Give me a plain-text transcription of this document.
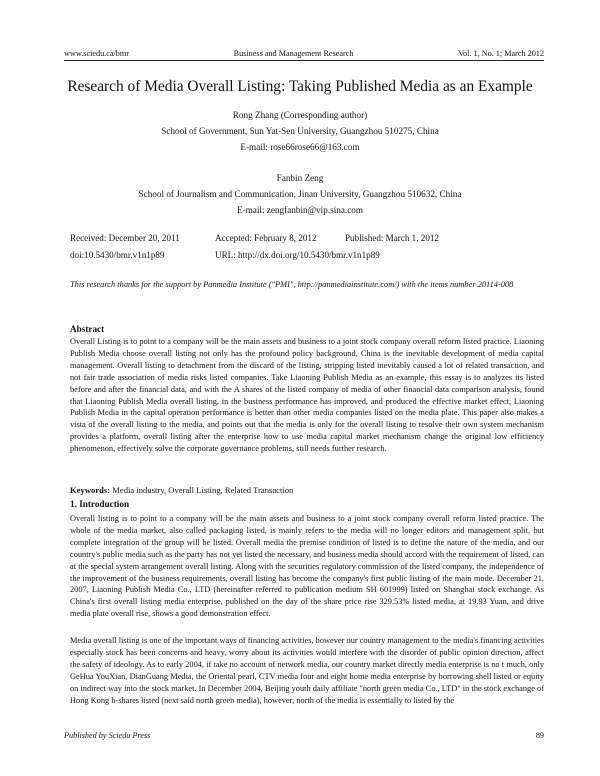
www.sciedu.ca/bmr	Business and Management Research	Vol. 1, No. 1; March 2012
Research of Media Overall Listing: Taking Published Media as an Example
Rong Zhang (Corresponding author)
School of Government, Sun Yat-Sen University, Guangzhou 510275, China
E-mail: rose66rose66@163.com
Fanbin Zeng
School of Journalism and Communication, Jinan University, Guangzhou 510632, China
E-mail: zengfanbin@vip.sina.com
Received: December 20, 2011	Accepted: February 8, 2012	Published: March 1, 2012
doi:10.5430/bmr.v1n1p89	URL: http://dx.doi.org/10.5430/bmr.v1n1p89
This research thanks for the support by Panmedia Institute ("PMI", http://panmediainstitute.com/) with the items number 20114-008
Abstract
Overall Listing is to point to a company will be the main assets and business to a joint stock company overall reform listed practice. Liaoning Publish Media choose overall listing not only has the profound policy background, China is the inevitable development of media capital management. Overall listing to detachment from the discard of the listing, stripping listed inevitably caused a lot of related transaction, and not fair trade association of media risks listed companies. Take Liaoning Publish Media as an example, this essay is to analyzes its listed before and after the financial data, and with the A shares of the listed company of media of other financial data comparison analysis, found that Liaoning Publish Media overall listing, in the business performance has improved, and produced the effective market effect, Liaoning Publish Media in the capital operation performance is better than other media companies listed on the media plate. This paper also makes a vista of the overall listing to the media, and points out that the media is only for the overall listing to resolve their own system mechanism provides a platform, overall listing after the enterprise how to use media capital market mechanism change the original low efficiency phenomenon, effectively solve the corporate governance problems, still needs further research.
Keywords: Media industry, Overall Listing, Related Transaction
1. Introduction
Overall listing is to point to a company will be the main assets and business to a joint stock company overall reform listed practice. The whole of the media market, also called packaging listed, is mainly refers to the media will no longer editors and management split, but complete integration of the group will be listed. Overall media the premise condition of listed is to define the nature of the media, and our country's public media such as the party has not yet listed the necessary, and business media should accord with the requirement of listed, can at the special system arrangement overall listing. Along with the securities regulatory commission of the listed company, the independence of the improvement of the business requirements, overall listing has become the company's first public listing of the main mode. December 21, 2007, Liaoning Publish Media Co., LTD (hereinafter referred to publication medium SH 601999) listed on Shanghai stock exchange. As China's first overall listing media enterprise, published on the day of the share price rise 329.53% listed media, at 19.93 Yuan, and drive media plate overall rise, shows a good demonstration effect.
Media overall listing is one of the important ways of financing activities, however our country management to the media's financing activities especially stock has been concerns and heavy, worry about its activities would interfere with the disorder of public opinion direction, affect the safety of ideology. As to early 2004, if take no account of network media, our country market directly media enterprise is no t much, only GeHua YouXian, DianGuang Media, the Oriental pearl, CTV media four and eight home media enterprise by borrowing shell listed or equity on indirect way into the stock market. In December 2004, Beijing youth daily affiliate "north green media Co., LTD" in the stock exchange of Hong Kong h-shares listed (next said north green media), however, north of the media is essentially to listed by the
Published by Sciedu Press	89
